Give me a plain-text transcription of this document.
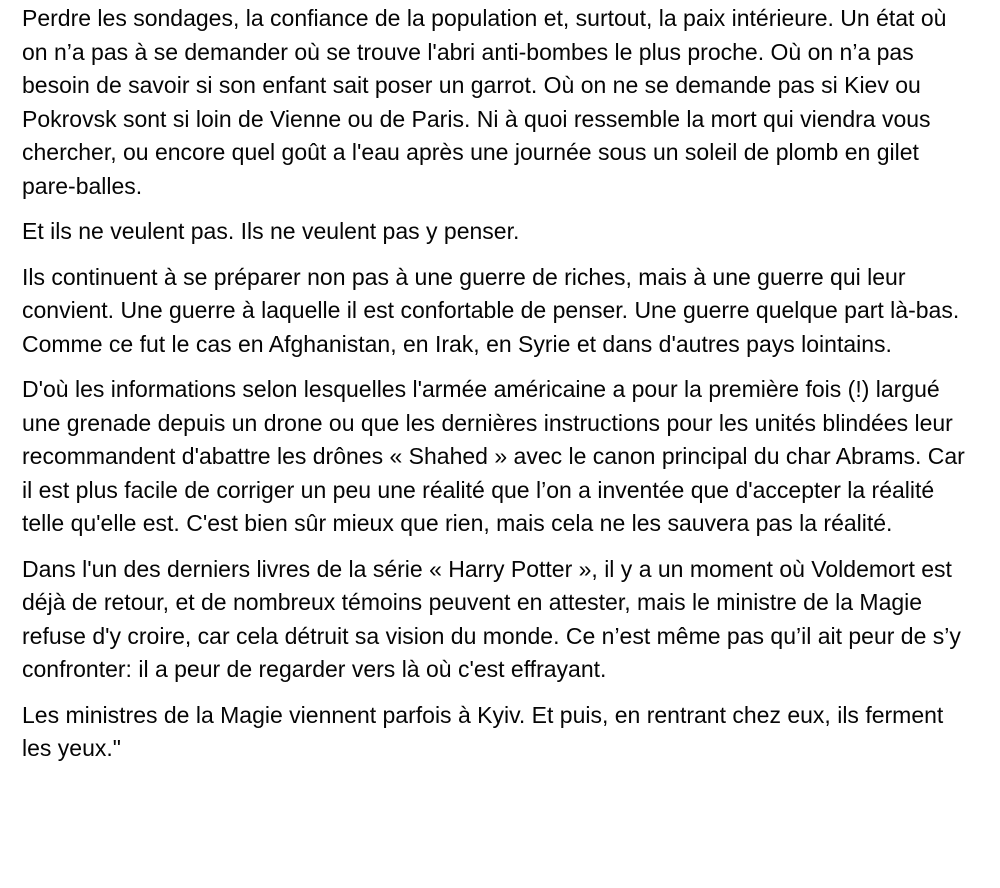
Perdre les sondages, la confiance de la population et, surtout, la paix intérieure. Un état où on n’a pas à se demander où se trouve l'abri anti-bombes le plus proche. Où on n’a pas besoin de savoir si son enfant sait poser un garrot. Où on ne se demande pas si Kiev ou Pokrovsk sont si loin de Vienne ou de Paris. Ni à quoi ressemble la mort qui viendra vous chercher, ou encore quel goût a l'eau après une journée sous un soleil de plomb en gilet pare-balles.

Et ils ne veulent pas. Ils ne veulent pas y penser.

Ils continuent à se préparer non pas à une guerre de riches, mais à une guerre qui leur convient. Une guerre à laquelle il est confortable de penser. Une guerre quelque part là-bas. Comme ce fut le cas en Afghanistan, en Irak, en Syrie et dans d'autres pays lointains.

D'où les informations selon lesquelles l'armée américaine a pour la première fois (!) largué une grenade depuis un drone ou que les dernières instructions pour les unités blindées leur recommandent d'abattre les drônes « Shahed » avec le canon principal du char Abrams. Car il est plus facile de corriger un peu une réalité que l’on a inventée que d'accepter la réalité telle qu'elle est. C'est bien sûr mieux que rien, mais cela ne les sauvera pas la réalité.

Dans l'un des derniers livres de la série « Harry Potter », il y a un moment où Voldemort est déjà de retour, et de nombreux témoins peuvent en attester, mais le ministre de la Magie refuse d'y croire, car cela détruit sa vision du monde. Ce n’est même pas qu’il ait peur de s’y confronter: il a peur de regarder vers là où c'est effrayant.

Les ministres de la Magie viennent parfois à Kyiv. Et puis, en rentrant chez eux, ils ferment les yeux."
